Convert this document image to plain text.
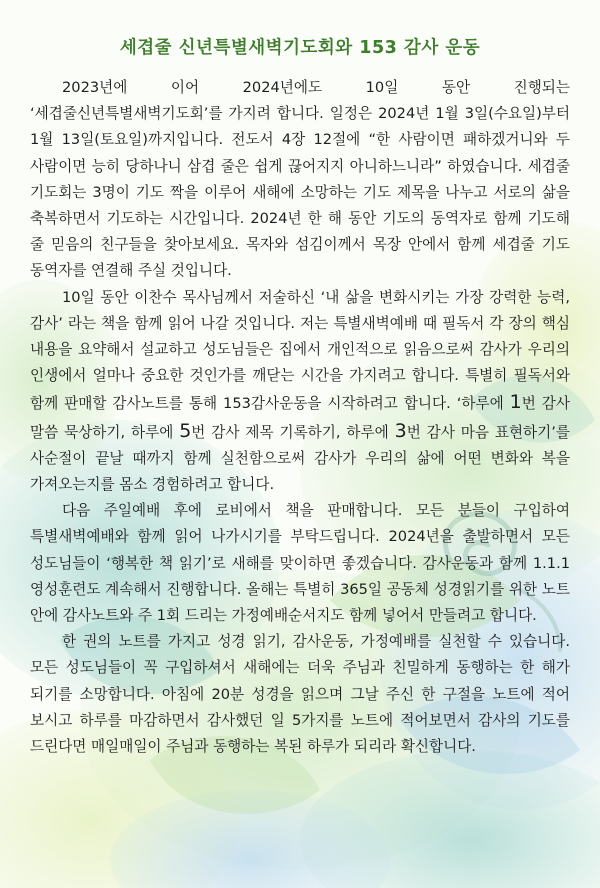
세겹줄 신년특별새벽기도회와 153 감사 운동

2023년에 이어 2024년에도 10일 동안 진행되는 ‘세겹줄신년특별새벽기도회’를 가지려 합니다. 일정은 2024년 1월 3일(수요일)부터 1월 13일(토요일)까지입니다. 전도서 4장 12절에 “한 사람이면 패하겠거니와 두 사람이면 능히 당하나니 삼겹 줄은 쉽게 끊어지지 아니하느니라” 하였습니다. 세겹줄 기도회는 3명이 기도 짝을 이루어 새해에 소망하는 기도 제목을 나누고 서로의 삶을 축복하면서 기도하는 시간입니다. 2024년 한 해 동안 기도의 동역자로 함께 기도해 줄 믿음의 친구들을 찾아보세요. 목자와 섬김이께서 목장 안에서 함께 세겹줄 기도 동역자를 연결해 주실 것입니다.

10일 동안 이찬수 목사님께서 저술하신 ‘내 삶을 변화시키는 가장 강력한 능력, 감사’ 라는 책을 함께 읽어 나갈 것입니다. 저는 특별새벽예배 때 필독서 각 장의 핵심 내용을 요약해서 설교하고 성도님들은 집에서 개인적으로 읽음으로써 감사가 우리의 인생에서 얼마나 중요한 것인가를 깨닫는 시간을 가지려고 합니다. 특별히 필독서와 함께 판매할 감사노트를 통해 153감사운동을 시작하려고 합니다. ‘하루에 1번 감사 말씀 묵상하기, 하루에 5번 감사 제목 기록하기, 하루에 3번 감사 마음 표현하기’를 사순절이 끝날 때까지 함께 실천함으로써 감사가 우리의 삶에 어떤 변화와 복을 가져오는지를 몸소 경험하려고 합니다.

다음 주일예배 후에 로비에서 책을 판매합니다. 모든 분들이 구입하여 특별새벽예배와 함께 읽어 나가시기를 부탁드립니다. 2024년을 출발하면서 모든 성도님들이 ‘행복한 책 읽기’로 새해를 맞이하면 좋겠습니다. 감사운동과 함께 1.1.1 영성훈련도 계속해서 진행합니다. 올해는 특별히 365일 공동체 성경읽기를 위한 노트 안에 감사노트와 주 1회 드리는 가정예배순서지도 함께 넣어서 만들려고 합니다.

한 권의 노트를 가지고 성경 읽기, 감사운동, 가정예배를 실천할 수 있습니다. 모든 성도님들이 꼭 구입하셔서 새해에는 더욱 주님과 친밀하게 동행하는 한 해가 되기를 소망합니다. 아침에 20분 성경을 읽으며 그날 주신 한 구절을 노트에 적어 보시고 하루를 마감하면서 감사했던 일 5가지를 노트에 적어보면서 감사의 기도를 드린다면 매일매일이 주님과 동행하는 복된 하루가 되리라 확신합니다.
